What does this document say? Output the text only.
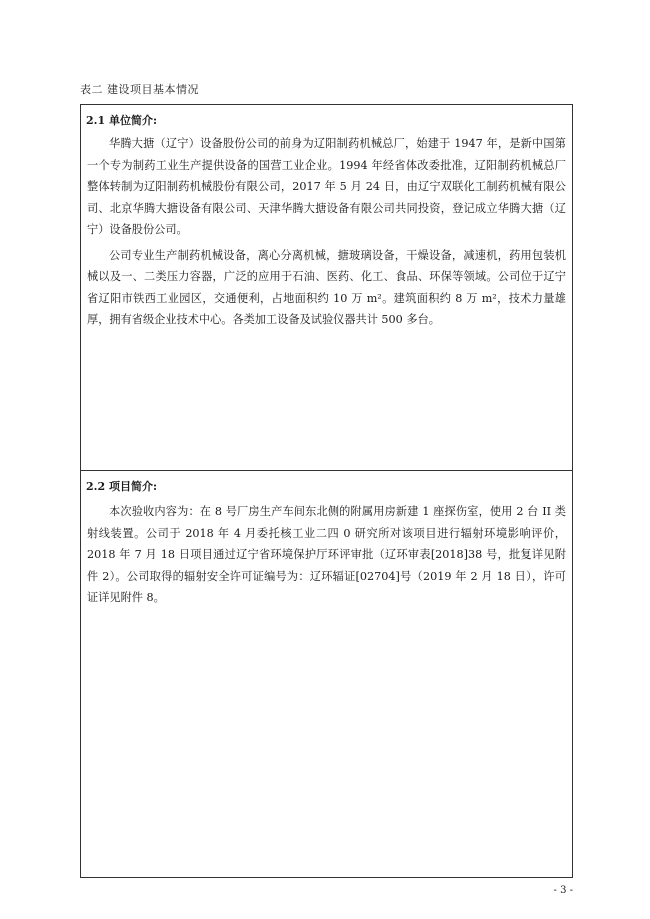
表二 建设项目基本情况
2.1 单位简介:

华腾大搪（辽宁）设备股份公司的前身为辽阳制药机械总厂，始建于 1947 年，是新中国第一个专为制药工业生产提供设备的国营工业企业。1994 年经省体改委批准，辽阳制药机械总厂整体转制为辽阳制药机械股份有限公司，2017 年 5 月 24 日，由辽宁双联化工制药机械有限公司、北京华腾大搪设备有限公司、天津华腾大搪设备有限公司共同投资，登记成立华腾大搪（辽宁）设备股份公司。

公司专业生产制药机械设备，离心分离机械，搪玻璃设备，干燥设备，减速机，药用包装机械以及一、二类压力容器，广泛的应用于石油、医药、化工、食品、环保等领域。公司位于辽宁省辽阳市铁西工业园区，交通便利，占地面积约 10 万 m²。建筑面积约 8 万 m²，技术力量雄厚，拥有省级企业技术中心。各类加工设备及试验仪器共计 500 多台。

2.2 项目简介:

本次验收内容为：在 8 号厂房生产车间东北侧的附属用房新建 1 座探伤室，使用 2 台 II 类射线装置。公司于 2018 年 4 月委托核工业二四 0 研究所对该项目进行辐射环境影响评价，2018 年 7 月 18 日项目通过辽宁省环境保护厅环评审批（辽环审表[2018]38 号，批复详见附件 2）。公司取得的辐射安全许可证编号为：辽环辐证[02704]号（2019 年 2 月 18 日），许可证详见附件 8。

- 3 -
